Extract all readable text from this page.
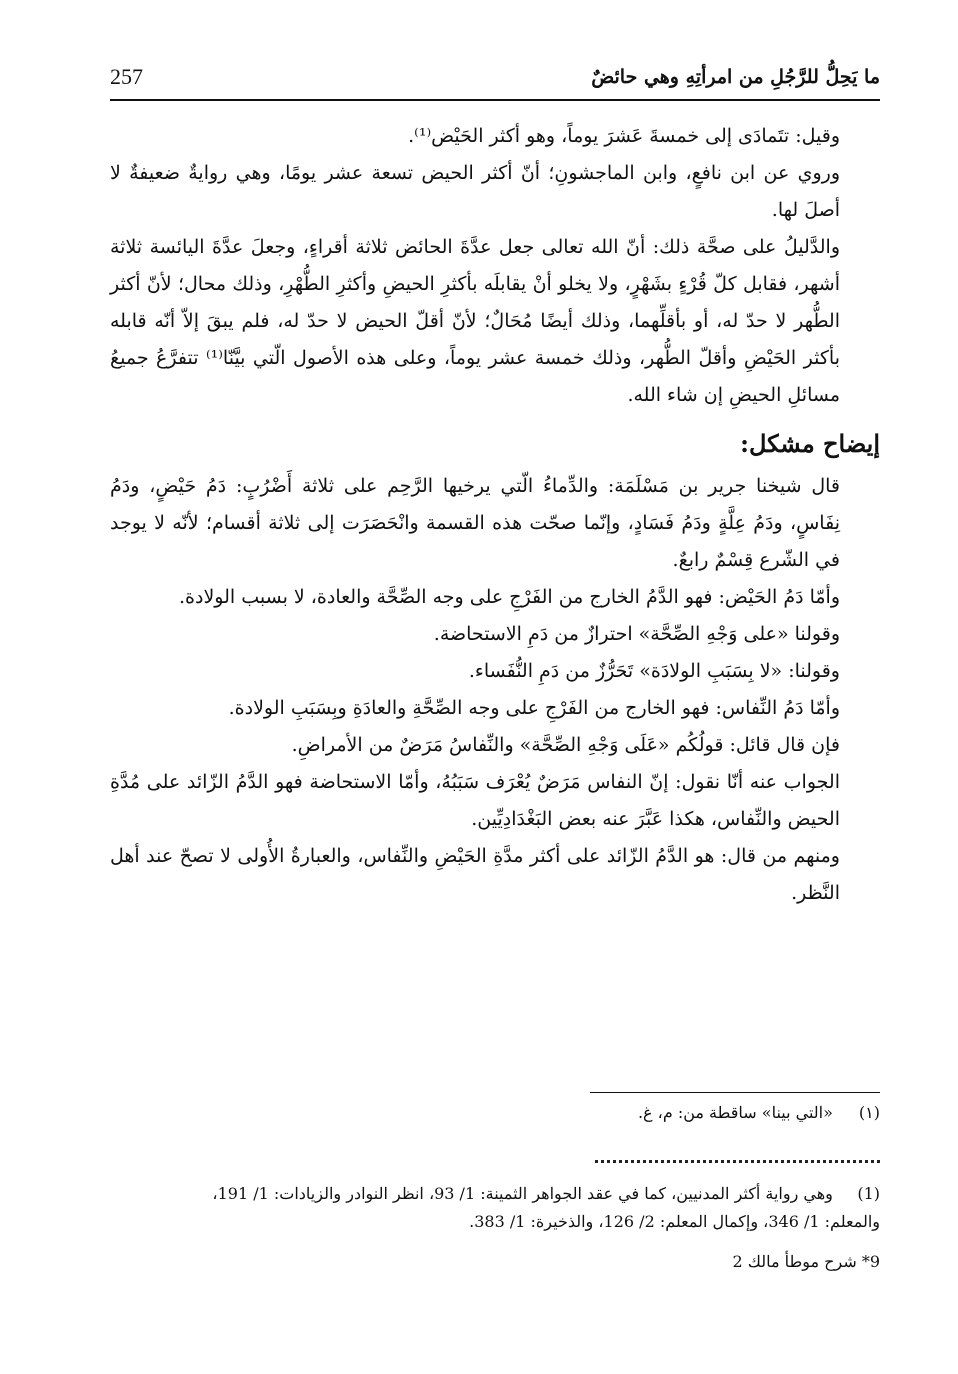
257	ما يَحِلُّ للرَّجُلِ من امرأتِهِ وهي حائضٌ

وقيل: تتَمادَى إلى خمسةَ عَشرَ يوماً، وهو أكثر الحَيْض⁽¹⁾.

وروي عن ابن نافعٍ، وابن الماجشونِ؛ أنّ أكثر الحيض تسعة عشر يومًا، وهي روايةٌ ضعيفةٌ لا أصلَ لها.

والدَّليلُ على صحَّة ذلك: أنّ الله تعالى جعل عدَّةَ الحائض ثلاثة أقراءٍ، وجعلَ عدَّةَ اليائسة ثلاثة أشهر، فقابل كلّ قُرْءٍ بشَهْرٍ، ولا يخلو أنْ يقابلَه بأكثرِ الحيضِ وأكثرِ الطُّهْرِ، وذلك محال؛ لأنّ أكثر الطُّهر لا حدّ له، أو بأقلِّهما، وذلك أيضًا مُحَالٌ؛ لأنّ أقلّ الحيض لا حدّ له، فلم يبقَ إلاّ أنّه قابله بأكثر الحَيْضِ وأقلّ الطُّهر، وذلك خمسة عشر يوماً، وعلى هذه الأصول الّتي بيَّنّا⁽¹⁾ تتفرَّعُ جميعُ مسائلِ الحيضِ إن شاء الله.

إيضاح مشكل:

قال شيخنا جرير بن مَسْلَمَة: والدِّماءُ الّتي يرخيها الرَّحِم على ثلاثة أَضْرُبٍ: دَمُ حَيْضٍ، ودَمُ نِفَاسٍ، ودَمُ عِلَّةٍ ودَمُ فَسَادٍ، وإنّما صحّت هذه القسمة وانْحَصَرَت إلى ثلاثة أقسام؛ لأنّه لا يوجد في الشّرع قِسْمٌ رابعٌ.

وأمّا دَمُ الحَيْض: فهو الدَّمُ الخارج من الفَرْجِ على وجه الصِّحَّة والعادة، لا بسبب الولادة.

وقولنا «على وَجْهِ الصِّحَّة» احترازٌ من دَمِ الاستحاضة.

وقولنا: «لا بِسَبَبِ الولادَة» تَحَرُّزٌ من دَمِ النُّفَساء.

وأمّا دَمُ النِّفاس: فهو الخارج من الفَرْجِ على وجه الصِّحَّةِ والعادَةِ وبِسَبَبِ الولادة.

فإن قال قائل: قولُكُم «عَلَى وَجْهِ الصِّحَّة» والنِّفاسُ مَرَضٌ من الأمراضِ.

الجواب عنه أنّا نقول: إنّ النفاس مَرَضٌ يُعْرَف سَبَبُهُ، وأمّا الاستحاضة فهو الدَّمُ الزّائد على مُدَّةِ الحيض والنِّفاس، هكذا عَبَّرَ عنه بعض البَغْدَادِيِّين.

ومنهم من قال: هو الدَّمُ الزّائد على أكثر مدَّةِ الحَيْضِ والنِّفاس، والعبارةُ الأُولى لا تصحّ عند أهل النَّظر.

(١) «التي بينا» ساقطة من: م، غ.

(1) وهي رواية أكثر المدنيين، كما في عقد الجواهر الثمينة: 1/ 93، انظر النوادر والزيادات: 1/ 191،

والمعلم: 1/ 346، وإكمال المعلم: 2/ 126، والذخيرة: 1/ 383.

9* شرح موطأ مالك 2
